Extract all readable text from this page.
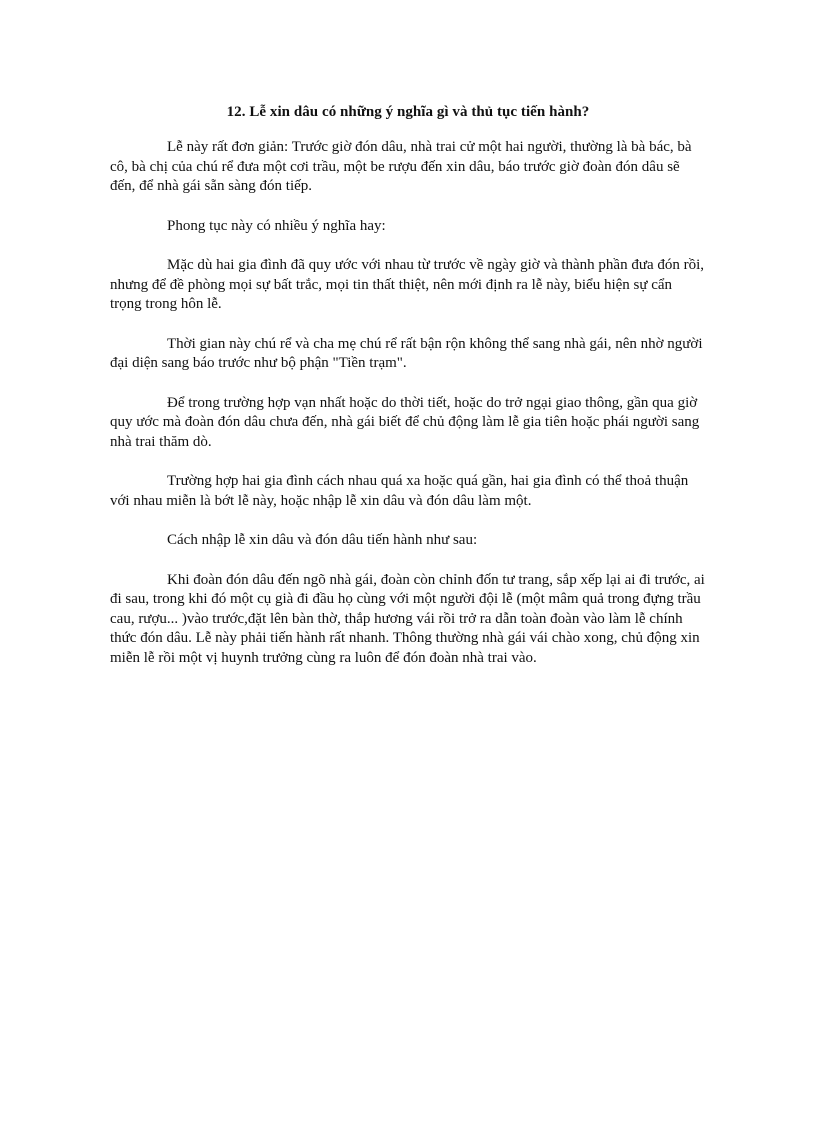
12. Lễ xin dâu có những ý nghĩa gì và thủ tục tiến hành?

Lễ này rất đơn giản: Trước giờ đón dâu, nhà trai cử một hai người, thường là bà bác, bà cô, bà chị của chú rể đưa một cơi trầu, một be rượu đến xin dâu, báo trước giờ đoàn đón dâu sẽ đến, để nhà gái sẵn sàng đón tiếp.

Phong tục này có nhiều ý nghĩa hay:

Mặc dù hai gia đình đã quy ước với nhau từ trước về ngày giờ và thành phần đưa đón rồi, nhưng để đề phòng mọi sự bất trắc, mọi tin thất thiệt, nên mới định ra lễ này, biểu hiện sự cẩn trọng trong hôn lễ.

Thời gian này chú rể và cha mẹ chú rể rất bận rộn không thể sang nhà gái, nên nhờ người đại diện sang báo trước như bộ phận "Tiền trạm".

Để trong trường hợp vạn nhất hoặc do thời tiết, hoặc do trở ngại giao thông, gần qua giờ quy ước mà đoàn đón dâu chưa đến, nhà gái biết để chủ động làm lễ gia tiên hoặc phái người sang nhà trai thăm dò.

Trường hợp hai gia đình cách nhau quá xa hoặc quá gần, hai gia đình có thể thoả thuận với nhau miễn là bớt lễ này, hoặc nhập lễ xin dâu và đón dâu làm một.

Cách nhập lễ xin dâu và đón dâu tiến hành như sau:

Khi đoàn đón dâu đến ngõ nhà gái, đoàn còn chỉnh đốn tư trang, sắp xếp lại ai đi trước, ai đi sau, trong khi đó một cụ già đi đầu họ cùng với một người đội lễ (một mâm quả trong đựng trầu cau, rượu... )vào trước,đặt lên bàn thờ, thắp hương vái rồi trở ra dẫn toàn đoàn vào làm lễ chính thức đón dâu. Lễ này phải tiến hành rất nhanh. Thông thường nhà gái vái chào xong, chủ động xin miễn lễ rồi một vị huynh trưởng cùng ra luôn để đón đoàn nhà trai vào.
